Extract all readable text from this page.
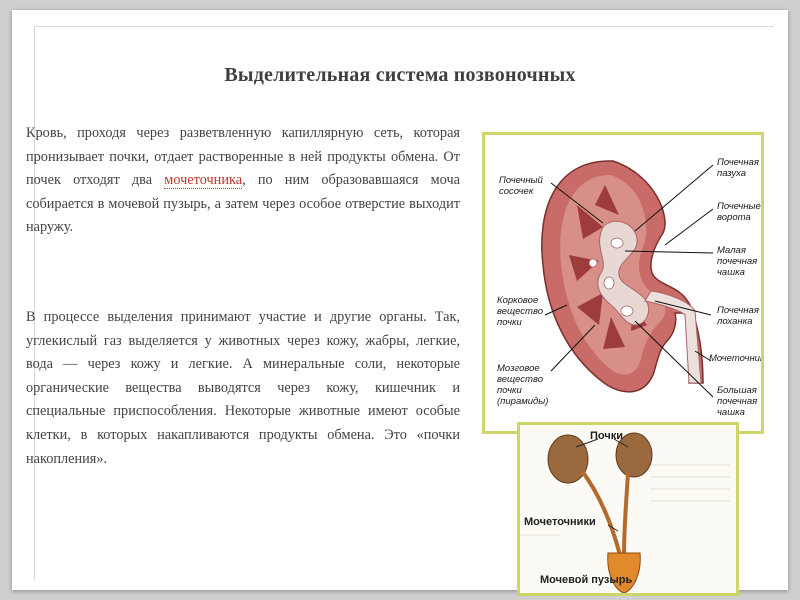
Выделительная система позвоночных
Кровь, проходя через разветвленную капиллярную сеть, которая пронизывает почки, отдает растворенные в ней продукты обмена. От почек отходят два мочеточника, по ним образовавшаяся моча собирается в мочевой пузырь, а затем через особое отверстие выходит наружу.
В процессе выделения принимают участие и другие органы. Так, углекислый газ выделяется у животных через кожу, жабры, легкие, вода — через кожу и легкие. А минеральные соли, некоторые органические вещества выводятся через кожу, кишечник и специальные приспособления. Некоторые животные имеют особые клетки, в которых накапливаются продукты обмена. Это «почки накопления».
Почечная пазуха
Почечный сосочек
Почечные ворота
Малая почечная чашка
Корковое вещество почки
Почечная лоханка
Мочеточник
Мозговое вещество почки (пирамиды)
Большая почечная чашка
Почки
Мочеточники
Мочевой пузырь
